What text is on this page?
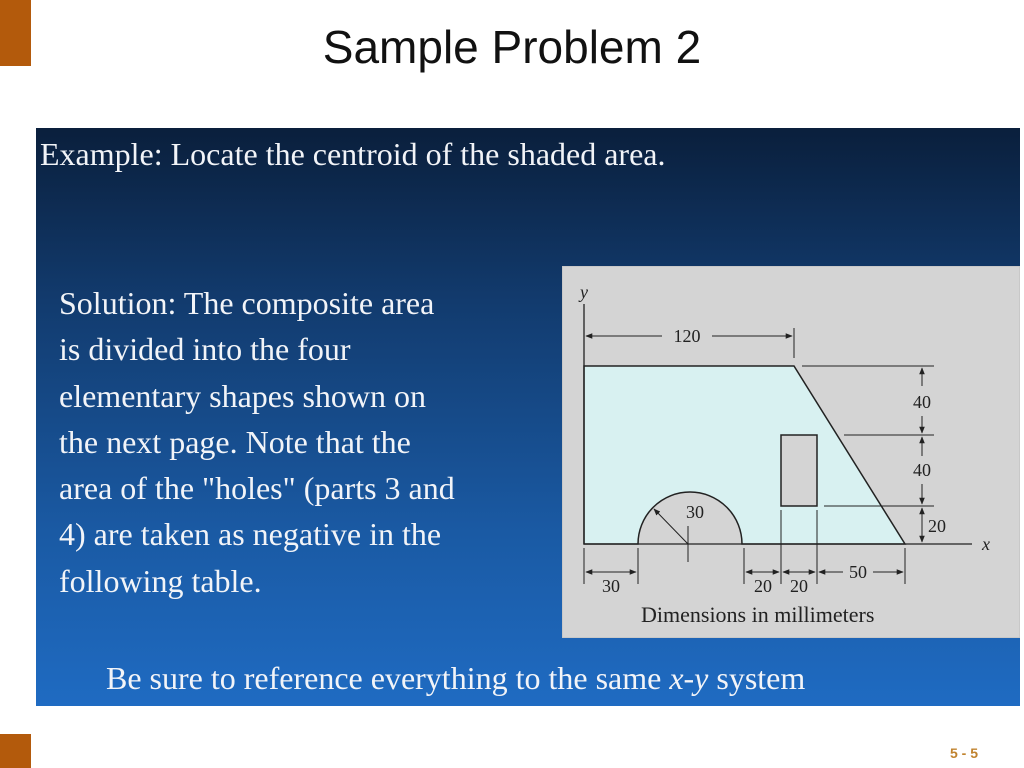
Sample Problem 2
Example: Locate the centroid of the shaded area.
Solution: The composite area
is divided into the four
elementary shapes shown on
the next page. Note that the
area of the "holes" (parts 3 and
4) are taken as negative in the
following table.
y
x
120
40
40
20
30
30	20 20
50
Dimensions in millimeters
Be sure to reference everything to the same x-y system
5 - 5
